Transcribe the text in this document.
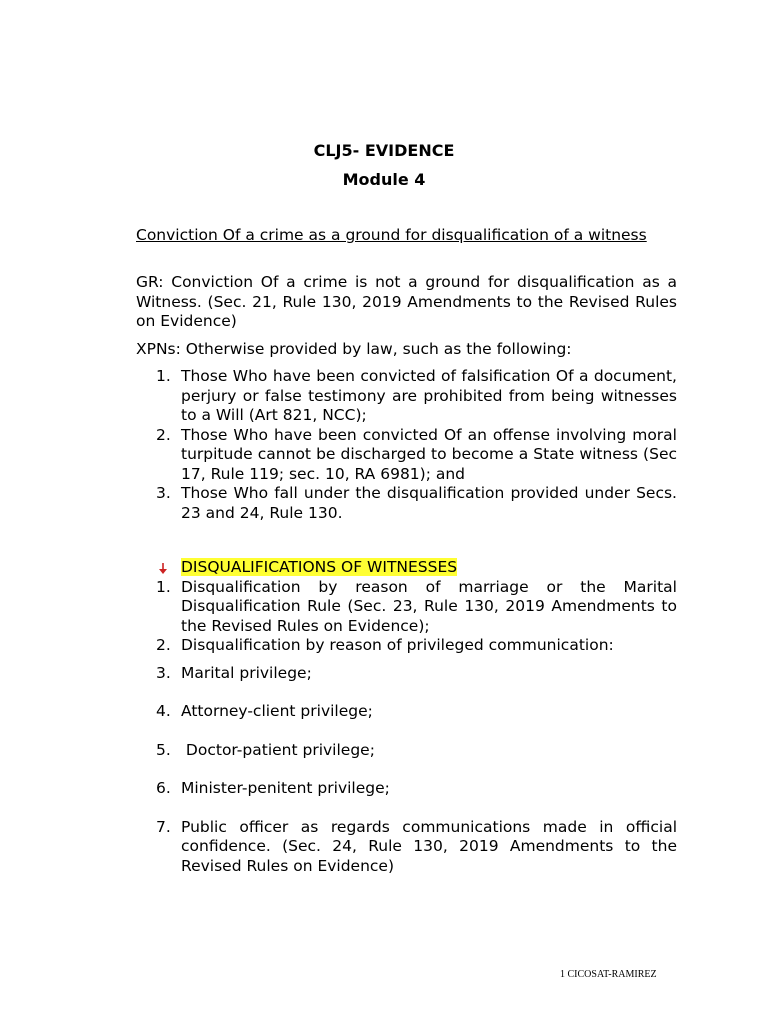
CLJ5- EVIDENCE
Module 4
Conviction Of a crime as a ground for disqualification of a witness
GR: Conviction Of a crime is not a ground for disqualification as a Witness. (Sec. 21, Rule 130, 2019 Amendments to the Revised Rules on Evidence)
XPNs: Otherwise provided by law, such as the following:
1. Those Who have been convicted of falsification Of a document, perjury or false testimony are prohibited from being witnesses to a Will (Art 821, NCC);
2. Those Who have been convicted Of an offense involving moral turpitude cannot be discharged to become a State witness (Sec 17, Rule 119; sec. 10, RA 6981); and
3. Those Who fall under the disqualification provided under Secs. 23 and 24, Rule 130.
DISQUALIFICATIONS OF WITNESSES
1. Disqualification by reason of marriage or the Marital Disqualification Rule (Sec. 23, Rule 130, 2019 Amendments to the Revised Rules on Evidence);
2. Disqualification by reason of privileged communication:
3. Marital privilege;
4. Attorney-client privilege;
5. Doctor-patient privilege;
6. Minister-penitent privilege;
7. Public officer as regards communications made in official confidence. (Sec. 24, Rule 130, 2019 Amendments to the Revised Rules on Evidence)
1 CICOSAT-RAMIREZ
